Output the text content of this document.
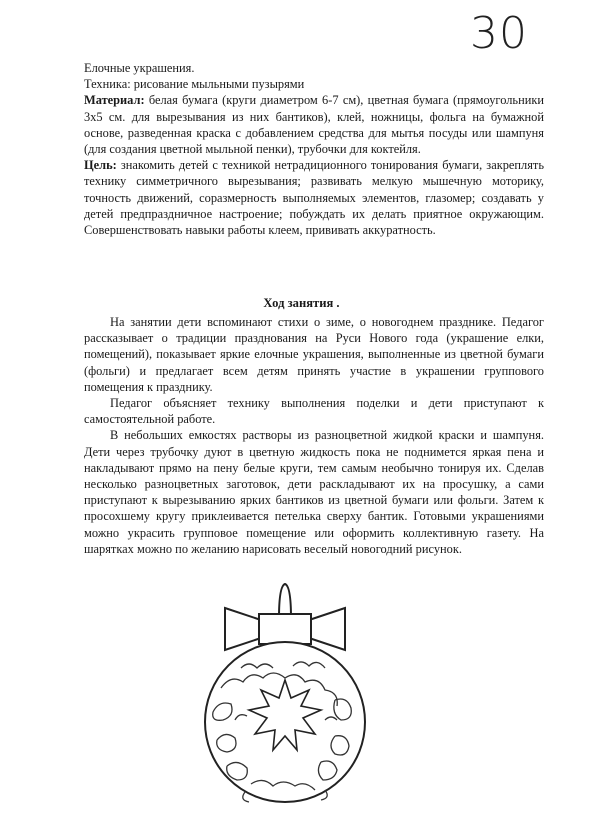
30
Елочные украшения.
Техника: рисование мыльными пузырями

Материал: белая бумага (круги диаметром 6-7 см), цветная бумага (прямоугольники 3х5 см. для вырезывания из них бантиков), клей, ножницы, фольга на бумажной основе, разведенная краска с добавлением средства для мытья посуды или шампуня (для создания цветной мыльной пенки), трубочки для коктейля.

Цель: знакомить детей с техникой нетрадиционного тонирования бумаги, закреплять технику симметричного вырезывания; развивать мелкую мышечную моторику, точность движений, соразмерность выполняемых элементов, глазомер; создавать у детей предпраздничное настроение; побуждать их делать приятное окружающим. Совершенствовать навыки работы клеем, прививать аккуратность.

Ход занятия .

На занятии дети вспоминают стихи о зиме, о новогоднем празднике. Педагог рассказывает о традиции празднования на Руси Нового года (украшение елки, помещений), показывает яркие елочные украшения, выполненные из цветной бумаги (фольги) и предлагает всем детям принять участие в украшении группового помещения к празднику.

Педагог объясняет технику выполнения поделки и дети приступают к самостоятельной работе.

В небольших емкостях растворы из разноцветной жидкой краски и шампуня. Дети через трубочку дуют в цветную жидкость пока не поднимется яркая пена и накладывают прямо на пену белые круги, тем самым необычно тонируя их. Сделав несколько разноцветных заготовок, дети раскладывают их на просушку, а сами приступают к вырезыванию ярких бантиков из цветной бумаги или фольги. Затем к просохшему кругу приклеивается петелька сверху бантик. Готовыми украшениями можно украсить групповое помещение или оформить коллективную газету. На шарятках можно по желанию нарисовать веселый новогодний рисунок.
